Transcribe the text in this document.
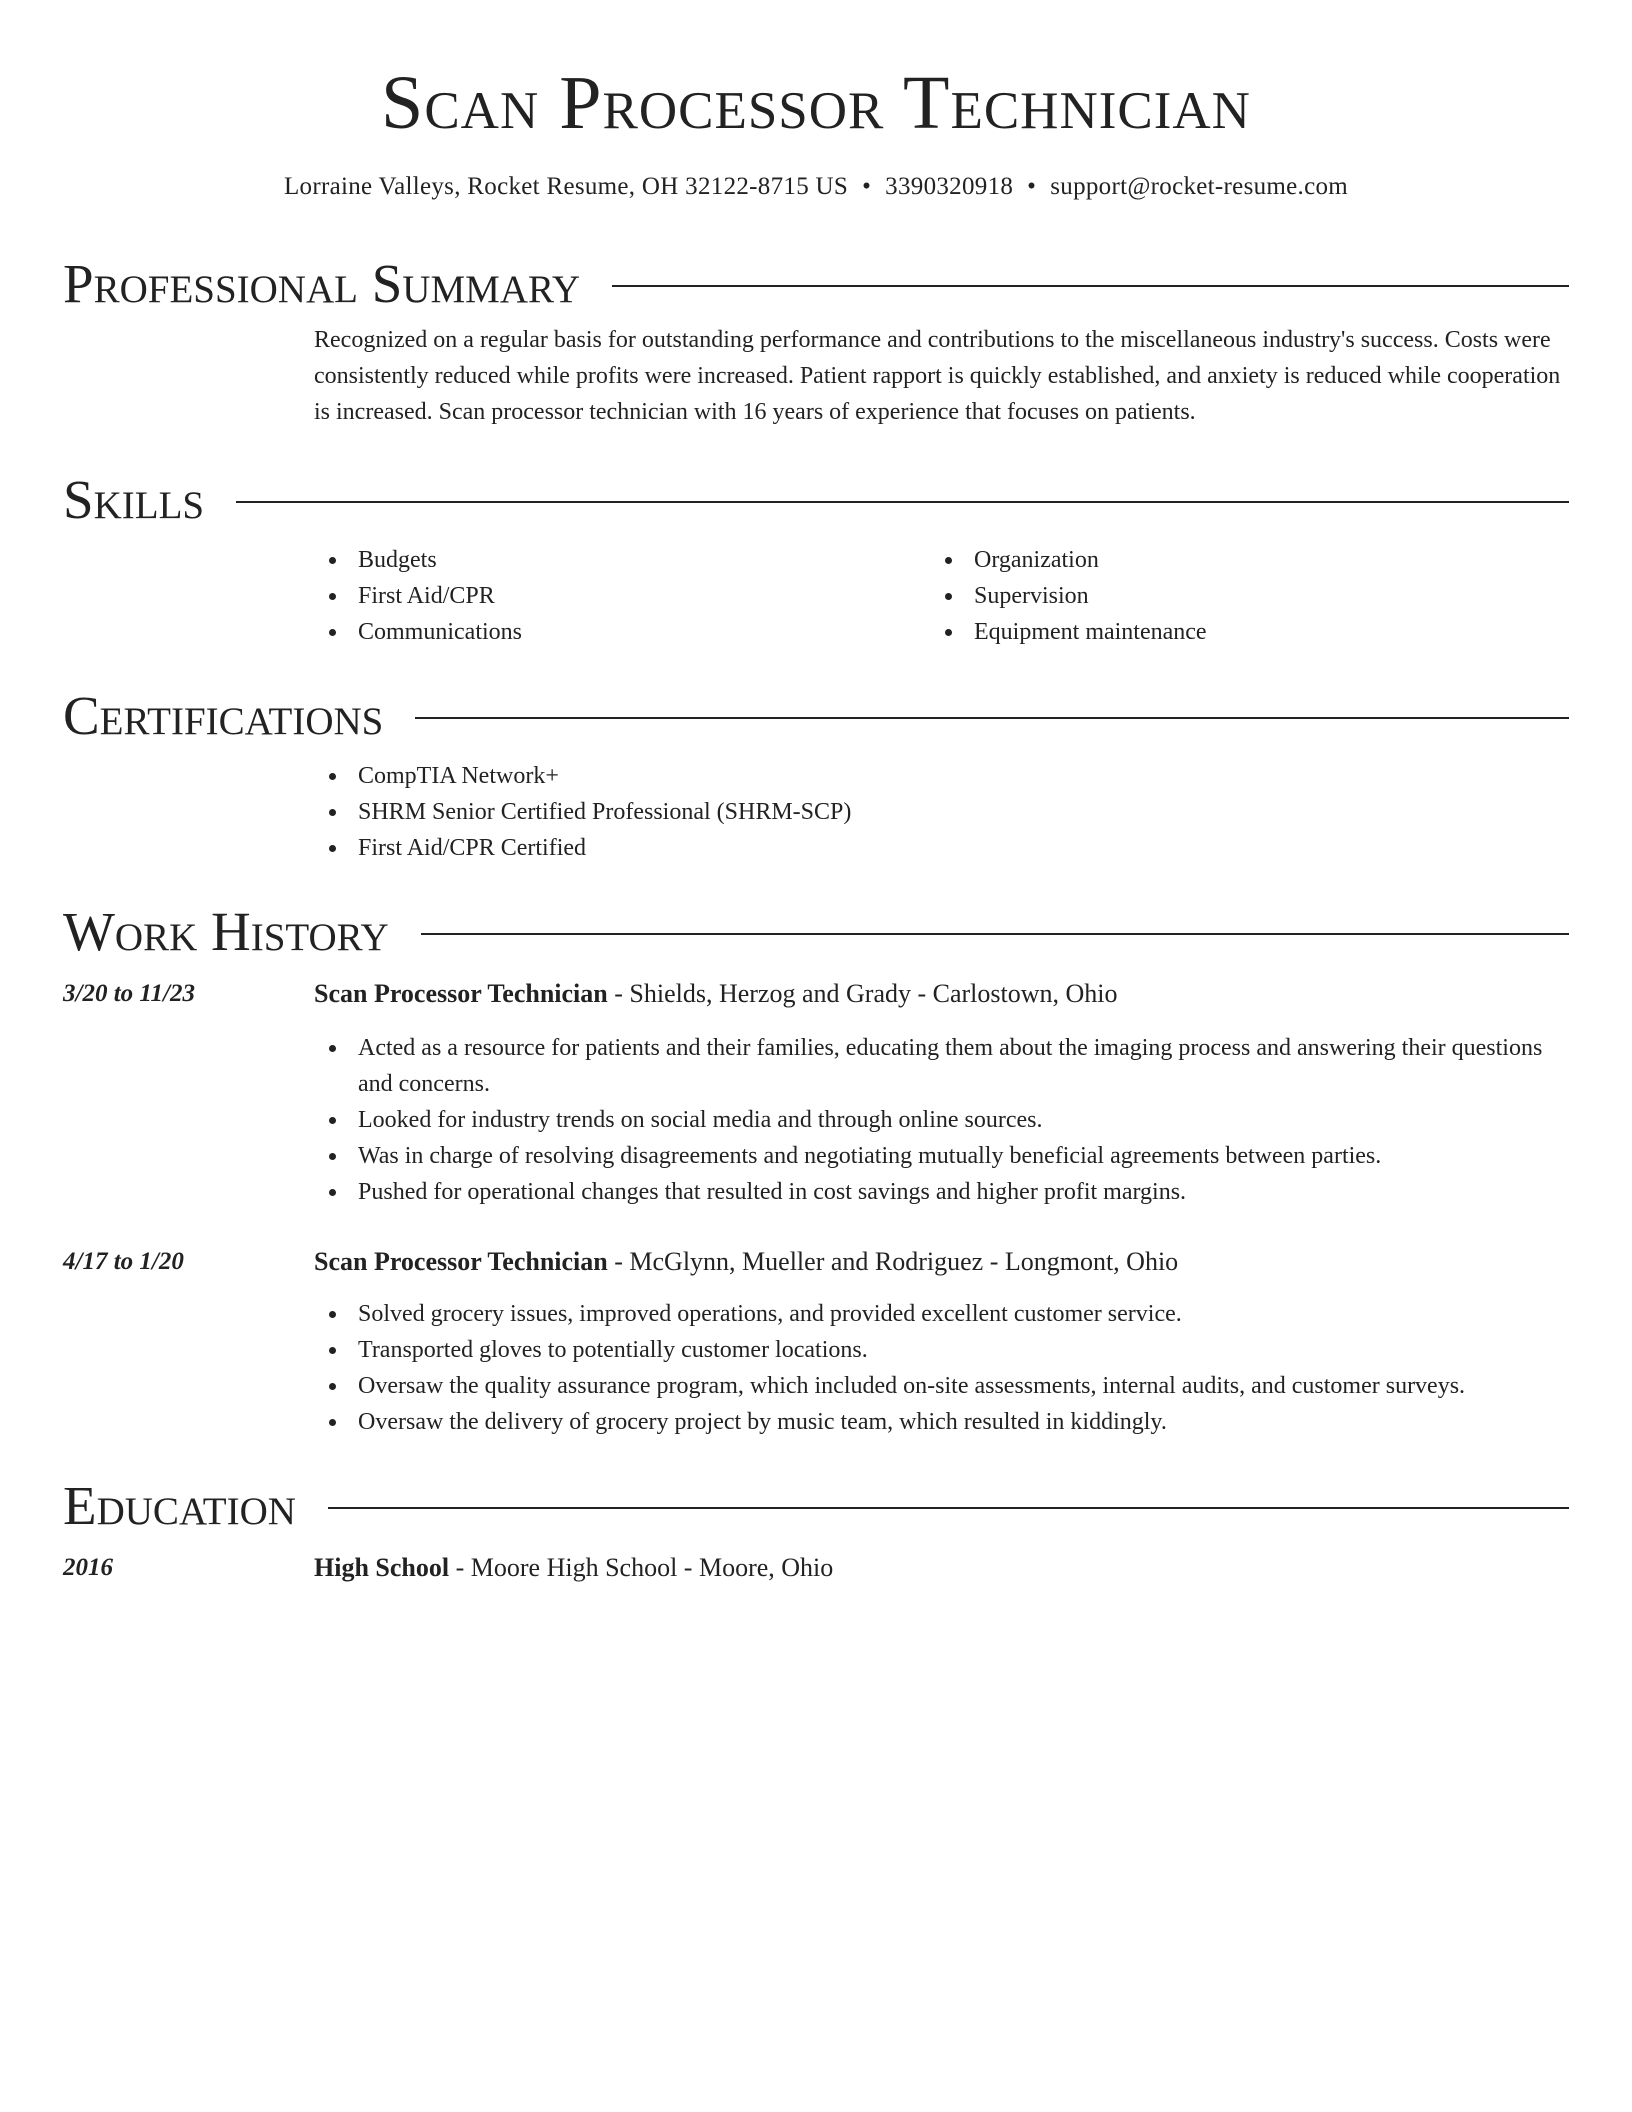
Scan Processor Technician
Lorraine Valleys, Rocket Resume, OH 32122-8715 US • 3390320918 • support@rocket-resume.com
Professional Summary

Recognized on a regular basis for outstanding performance and contributions to the miscellaneous industry's success. Costs were consistently reduced while profits were increased. Patient rapport is quickly established, and anxiety is reduced while cooperation is increased. Scan processor technician with 16 years of experience that focuses on patients.

Skills
Budgets
First Aid/CPR
Communications
Organization
Supervision
Equipment maintenance
Certifications
CompTIA Network+
SHRM Senior Certified Professional (SHRM-SCP)
First Aid/CPR Certified
Work History
3/20 to 11/23	Scan Processor Technician - Shields, Herzog and Grady - Carlostown, Ohio
Acted as a resource for patients and their families, educating them about the imaging process and answering their questions and concerns.
Looked for industry trends on social media and through online sources.
Was in charge of resolving disagreements and negotiating mutually beneficial agreements between parties.
Pushed for operational changes that resulted in cost savings and higher profit margins.
4/17 to 1/20	Scan Processor Technician - McGlynn, Mueller and Rodriguez - Longmont, Ohio
Solved grocery issues, improved operations, and provided excellent customer service.
Transported gloves to potentially customer locations.
Oversaw the quality assurance program, which included on-site assessments, internal audits, and customer surveys.
Oversaw the delivery of grocery project by music team, which resulted in kiddingly.
Education
2016	High School - Moore High School - Moore, Ohio
